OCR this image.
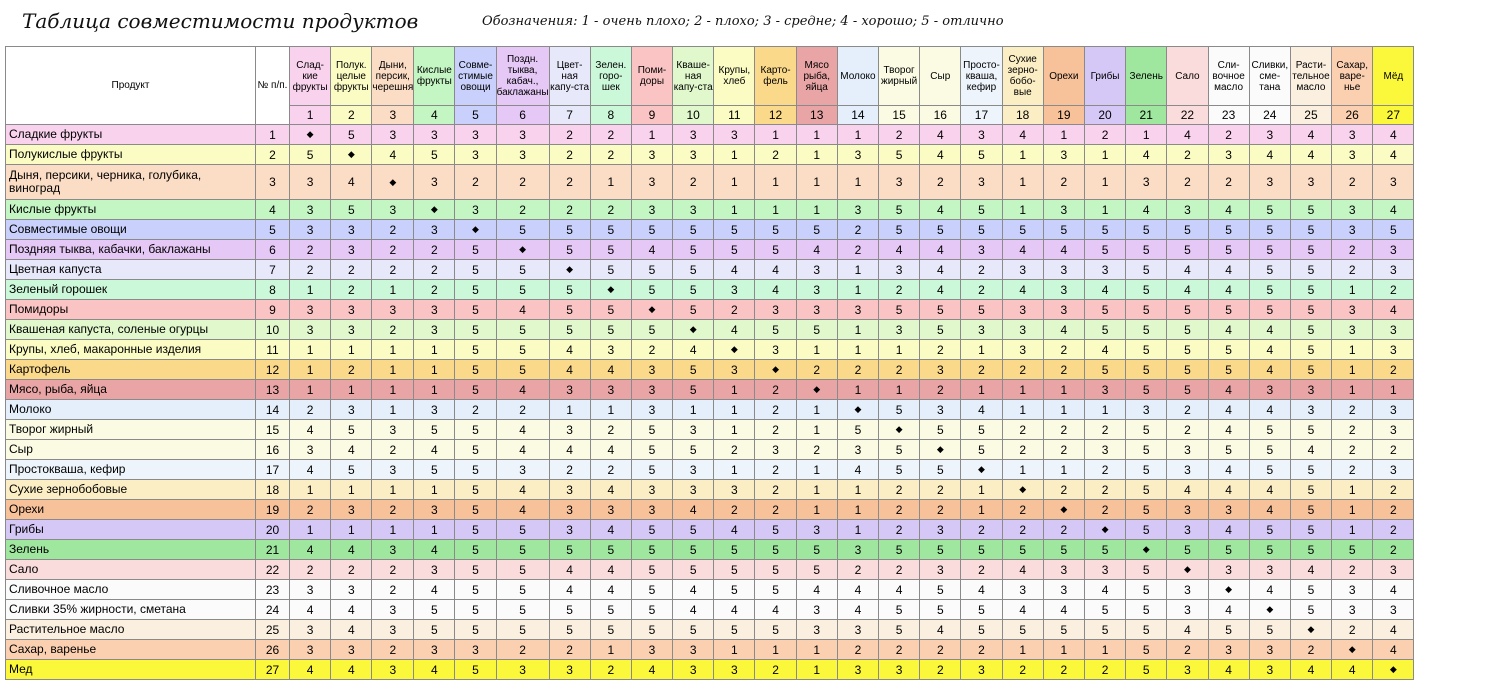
Таблица совместимости продуктов	Обозначения: 1 - очень плохо; 2 - плохо; 3 - средне; 4 - хорошо; 5 - отлично
Продукт	№ п/п.	Слад-кие фрукты	Полук. целые фрукты	Дыни, персик, черешня	Кислые фрукты	Совме-стимые овощи	Поздн. тыква, кабач., баклажаны	Цвет-ная капу-ста	Зелен. горо-шек	Поми-доры	Кваше-ная капу-ста	Крупы, хлеб	Карто-фель	Мясо рыба, яйца	Молоко	Творог жирный	Сыр	Просто-кваша, кефир	Сухие зерно-бобо-вые	Орехи	Грибы	Зелень	Сало	Сли-вочное масло	Сливки, сме-тана	Расти-тельное масло	Сахар, варе-нье	Мёд
		1	2	3	4	5	6	7	8	9	10	11	12	13	14	15	16	17	18	19	20	21	22	23	24	25	26	27
Сладкие фрукты	1	◆	5	3	3	3	3	2	2	1	3	3	1	1	1	2	4	3	4	1	2	1	4	2	3	4	3	4
Полукислые фрукты	2	5	◆	4	5	3	3	2	2	3	3	1	2	1	3	5	4	5	1	3	1	4	2	3	4	4	3	4
Дыня, персики, черника, голубика, виноград	3	3	4	◆	3	2	2	2	1	3	2	1	1	1	1	3	2	3	1	2	1	3	2	2	3	3	2	3
Кислые фрукты	4	3	5	3	◆	3	2	2	2	3	3	1	1	1	3	5	4	5	1	3	1	4	3	4	5	5	3	4
Совместимые овощи	5	3	3	2	3	◆	5	5	5	5	5	5	5	5	2	5	5	5	5	5	5	5	5	5	5	5	3	5
Поздняя тыква, кабачки, баклажаны	6	2	3	2	2	5	◆	5	5	4	5	5	5	4	2	4	4	3	4	4	5	5	5	5	5	5	2	3
Цветная капуста	7	2	2	2	2	5	5	◆	5	5	5	4	4	3	1	3	4	2	3	3	3	5	4	4	5	5	2	3
Зеленый горошек	8	1	2	1	2	5	5	5	◆	5	5	3	4	3	1	2	4	2	4	3	4	5	4	4	5	5	1	2
Помидоры	9	3	3	3	3	5	4	5	5	◆	5	2	3	3	3	5	5	5	3	3	5	5	5	5	5	5	3	4
Квашеная капуста, соленые огурцы	10	3	3	2	3	5	5	5	5	5	◆	4	5	5	1	3	5	3	3	4	5	5	5	4	4	5	3	3
Крупы, хлеб, макаронные изделия	11	1	1	1	1	5	5	4	3	2	4	◆	3	1	1	1	2	1	3	2	4	5	5	5	4	5	1	3
Картофель	12	1	2	1	1	5	5	4	4	3	5	3	◆	2	2	2	3	2	2	2	5	5	5	5	4	5	1	2
Мясо, рыба, яйца	13	1	1	1	1	5	4	3	3	3	5	1	2	◆	1	1	2	1	1	1	3	5	5	4	3	3	1	1
Молоко	14	2	3	1	3	2	2	1	1	3	1	1	2	1	◆	5	3	4	1	1	1	3	2	4	4	3	2	3
Творог жирный	15	4	5	3	5	5	4	3	2	5	3	1	2	1	5	◆	5	5	2	2	2	5	2	4	5	5	2	3
Сыр	16	3	4	2	4	5	4	4	4	5	5	2	3	2	3	5	◆	5	2	2	3	5	3	5	5	4	2	2
Простокваша, кефир	17	4	5	3	5	5	3	2	2	5	3	1	2	1	4	5	5	◆	1	1	2	5	3	4	5	5	2	3
Сухие зернобобовые	18	1	1	1	1	5	4	3	4	3	3	3	2	1	1	2	2	1	◆	2	2	5	4	4	4	5	1	2
Орехи	19	2	3	2	3	5	4	3	3	3	4	2	2	1	1	2	2	1	2	◆	2	5	3	3	4	5	1	2
Грибы	20	1	1	1	1	5	5	3	4	5	5	4	5	3	1	2	3	2	2	2	◆	5	3	4	5	5	1	2
Зелень	21	4	4	3	4	5	5	5	5	5	5	5	5	5	3	5	5	5	5	5	5	◆	5	5	5	5	5	2
Сало	22	2	2	2	3	5	5	4	4	5	5	5	5	5	2	2	3	2	4	3	3	5	◆	3	3	4	2	3
Сливочное масло	23	3	3	2	4	5	5	4	4	5	4	5	5	4	4	4	5	4	3	3	4	5	3	◆	4	5	3	4
Сливки 35% жирности, сметана	24	4	4	3	5	5	5	5	5	5	4	4	4	3	4	5	5	5	4	4	5	5	3	4	◆	5	3	3
Растительное масло	25	3	4	3	5	5	5	5	5	5	5	5	5	3	3	5	4	5	5	5	5	5	4	5	5	◆	2	4
Сахар, варенье	26	3	3	2	3	3	2	2	1	3	3	1	1	1	2	2	2	2	1	1	1	5	2	3	3	2	◆	4
Мед	27	4	4	3	4	5	3	3	2	4	3	3	2	1	3	3	2	3	2	2	2	5	3	4	3	4	4	◆
